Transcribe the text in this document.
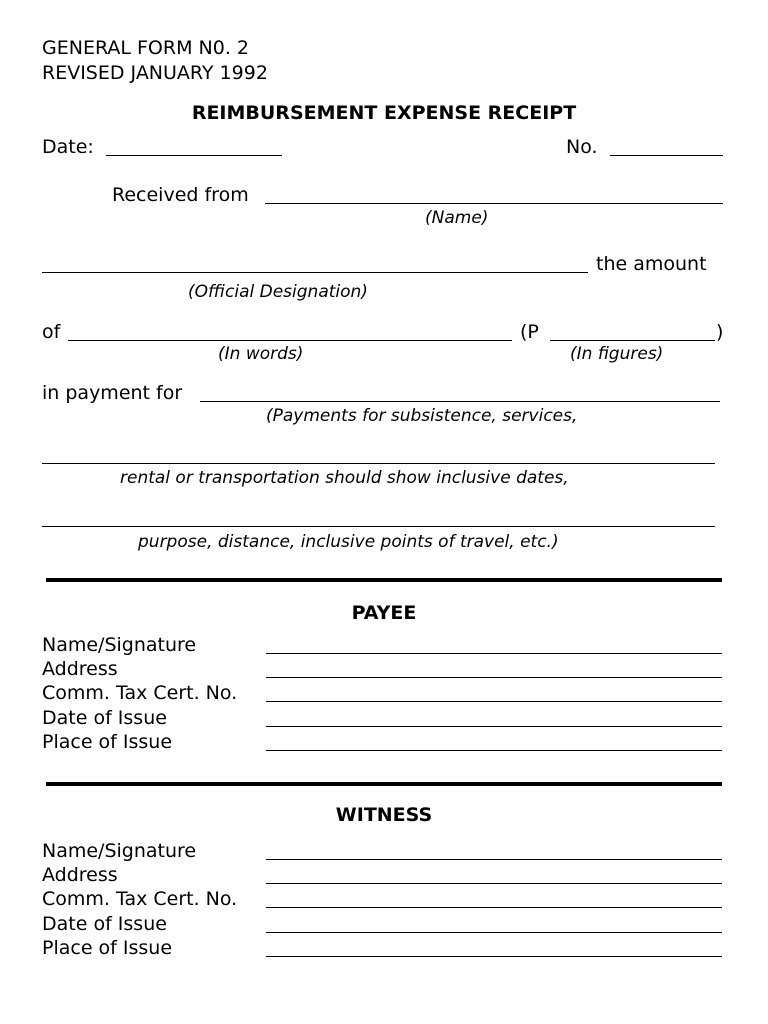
GENERAL FORM N0. 2
REVISED JANUARY 1992
REIMBURSEMENT EXPENSE RECEIPT
Date:	No.
Received from
(Name)
the amount
(Official Designation)
of	(P	)
(In words)	(In figures)
in payment for
(Payments for subsistence, services,
rental or transportation should show inclusive dates,
purpose, distance, inclusive points of travel, etc.)
PAYEE
Name/Signature
Address
Comm. Tax Cert. No.
Date of Issue
Place of Issue
WITNESS
Name/Signature
Address
Comm. Tax Cert. No.
Date of Issue
Place of Issue
